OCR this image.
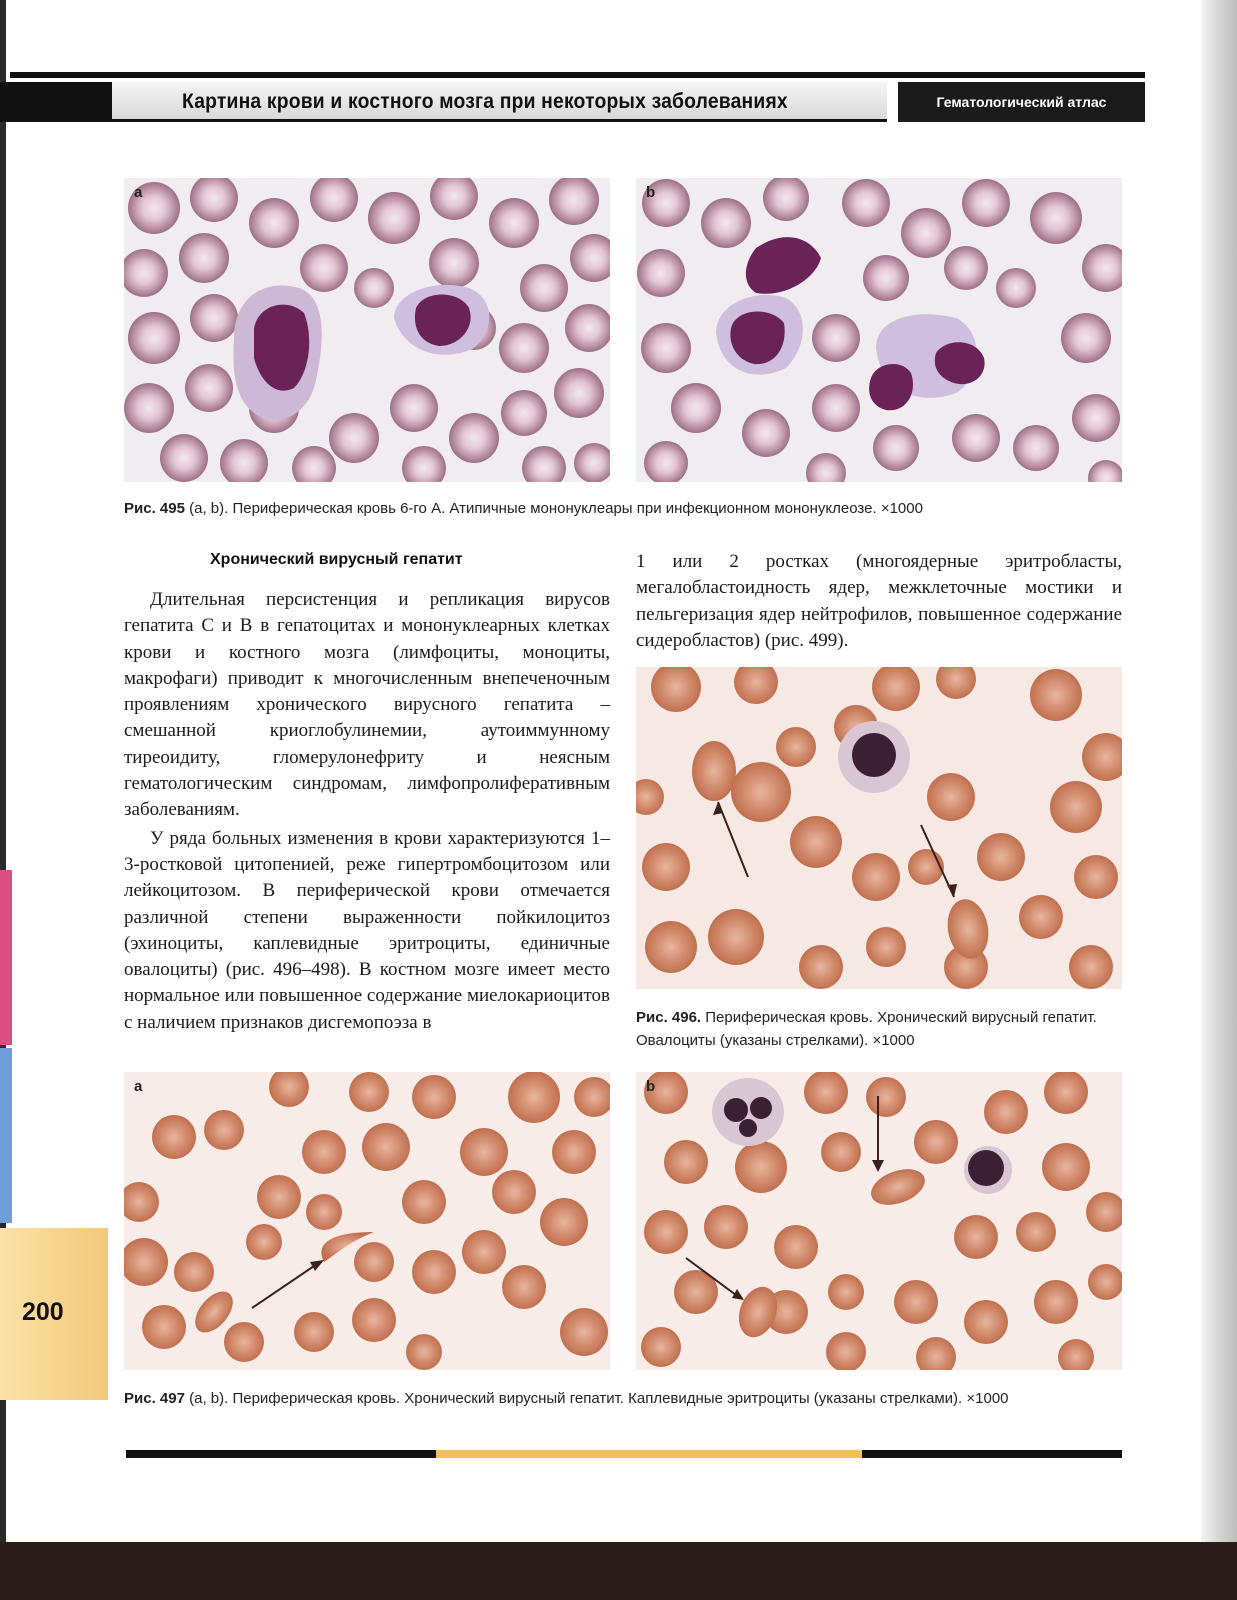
Картина крови и костного мозга при некоторых заболеваниях	Гематологический атлас
a	b
Рис. 495 (a, b). Периферическая кровь 6-го А. Атипичные мононуклеары при инфекционном мононуклеозе. ×1000
Хронический вирусный гепатит

Длительная персистенция и репликация вирусов гепатита С и В в гепатоцитах и мононуклеарных клетках крови и костного мозга (лимфоциты, моноциты, макрофаги) приводит к многочисленным внепеченочным проявлениям хронического вирусного гепатита – смешанной криоглобулинемии, аутоиммунному тиреоидиту, гломерулонефриту и неясным гематологическим синдромам, лимфопролиферативным заболеваниям.

У ряда больных изменения в крови характеризуются 1–3-ростковой цитопенией, реже гипертромбоцитозом или лейкоцитозом. В периферической крови отмечается различной степени выраженности пойкилоцитоз (эхиноциты, каплевидные эритроциты, единичные овалоциты) (рис. 496–498). В костном мозге имеет место нормальное или повышенное содержание миелокариоцитов с наличием признаков дисгемопоэза в

1 или 2 ростках (многоядерные эритробласты, мегалобластоидность ядер, межклеточные мостики и пельгеризация ядер нейтрофилов, повышенное содержание сидеробластов) (рис. 499).

Рис. 496. Периферическая кровь. Хронический вирусный гепатит. Овалоциты (указаны стрелками). ×1000
a	b
Рис. 497 (a, b). Периферическая кровь. Хронический вирусный гепатит. Каплевидные эритроциты (указаны стрелками). ×1000
200
